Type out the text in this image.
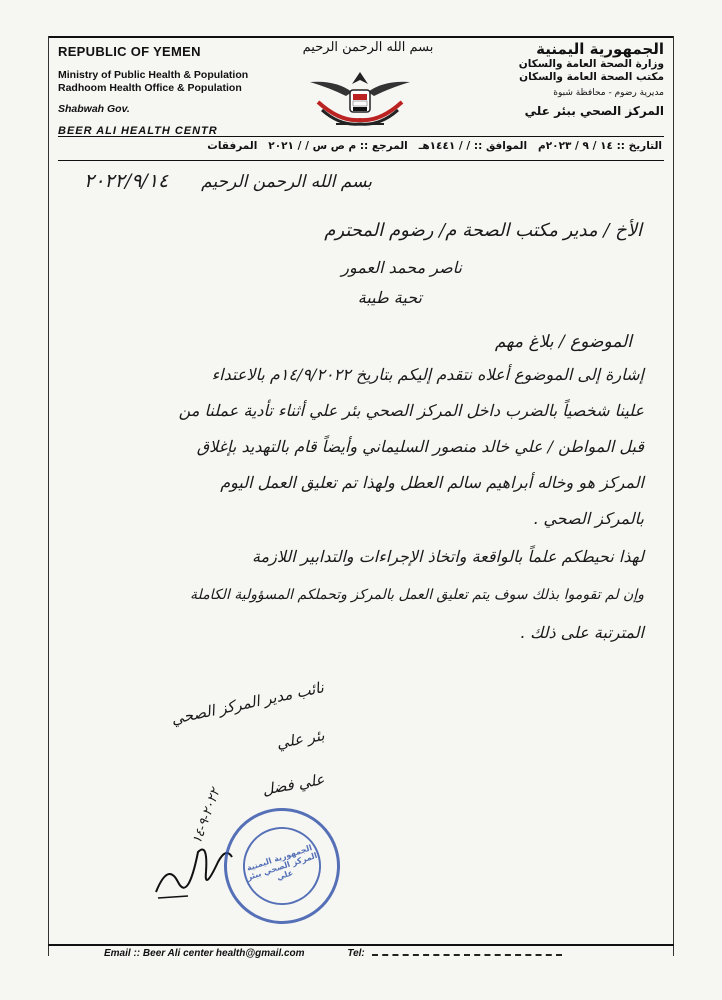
REPUBLIC OF YEMEN
Ministry of Public Health & Population
Radhoom Health Office & Population
Shabwah Gov.
BEER ALI HEALTH CENTR
بسم الله الرحمن الرحيم	الجمهورية اليمنية
وزارة الصحة العامة والسكان
مكتب الصحة العامة والسكان
مديرية رضوم - محافظة شبوة
المركز الصحي ببئر علي
التاريخ :: ١٤ / ٩ / ٢٠٢٣م   الموافق :: / / ١٤٤١هـ   المرجع :: م ص س / / ٢٠٢١   المرفقات
٢٠٢٢/٩/١٤ بسم الله الرحمن الرحيم
الأخ / مدير مكتب الصحة م/ رضوم المحترم
ناصر محمد العمور
تحية طيبة
الموضوع / بلاغ مهم
إشارة إلى الموضوع أعلاه نتقدم إليكم بتاريخ ١٤/٩/٢٠٢٢م بالاعتداء
علينا شخصياً بالضرب داخل المركز الصحي بئر علي أثناء تأدية عملنا من
قبل المواطن / علي خالد منصور السليماني وأيضاً قام بالتهديد بإغلاق
المركز هو وخاله أبراهيم سالم العطل ولهذا تم تعليق العمل اليوم
بالمركز الصحي .
لهذا نحيطكم علماً بالواقعة واتخاذ الإجراءات والتدابير اللازمة
وإن لم تقوموا بذلك سوف يتم تعليق العمل بالمركز وتحملكم المسؤولية الكاملة
المترتبة على ذلك .
نائب مدير المركز الصحي
بئر علي
علي فضل
٢٠٢٢-٩-١٤
الجمهورية اليمنية المركز الصحي ببئر علي
Email :: Beer Ali center health@gmail.com	Tel:
